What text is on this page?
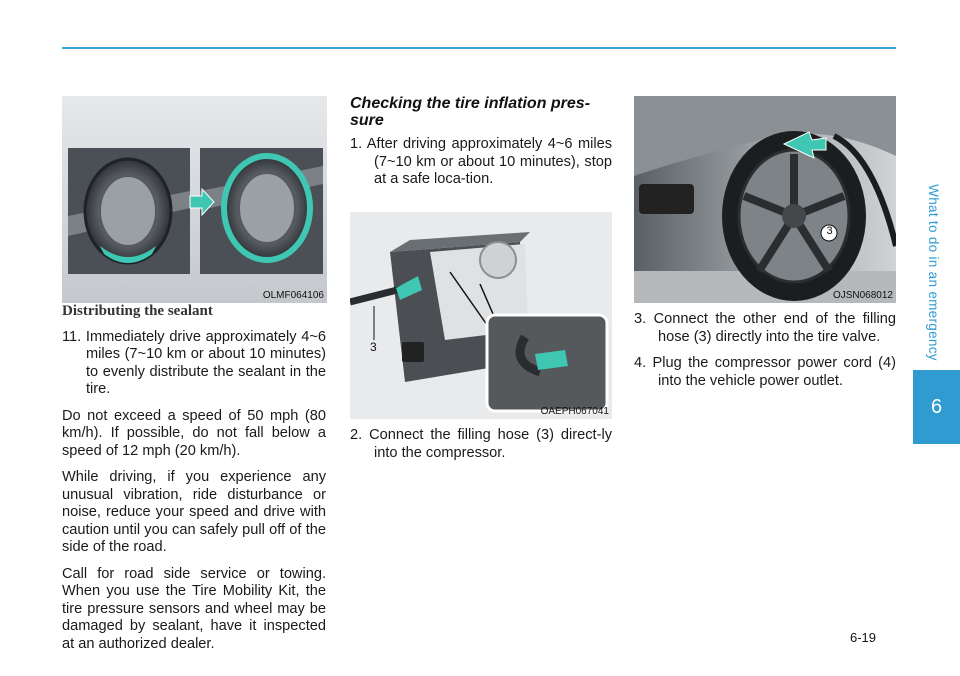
What to do in an emergency
6
OLMF064106
Distributing the sealant
11. Immediately drive approximately 4~6 miles (7~10 km or about 10 minutes) to evenly distribute the sealant in the tire.

Do not exceed a speed of 50 mph (80 km/h). If possible, do not fall below a speed of 12 mph (20 km/h).

While driving, if you experience any unusual vibration, ride disturbance or noise, reduce your speed and drive with caution until you can safely pull off of the side of the road.

Call for road side service or towing. When you use the Tire Mobility Kit, the tire pressure sensors and wheel may be damaged by sealant, have it inspected at an authorized dealer.

Checking the tire inflation pres-sure
1. After driving approximately 4~6 miles (7~10 km or about 10 minutes), stop at a safe loca-tion.
3
OAEPH067041
2. Connect the filling hose (3) direct-ly into the compressor.
3
OJSN068012
3. Connect the other end of the filling hose (3) directly into the tire valve.
4. Plug the compressor power cord (4) into the vehicle power outlet.
6-19
